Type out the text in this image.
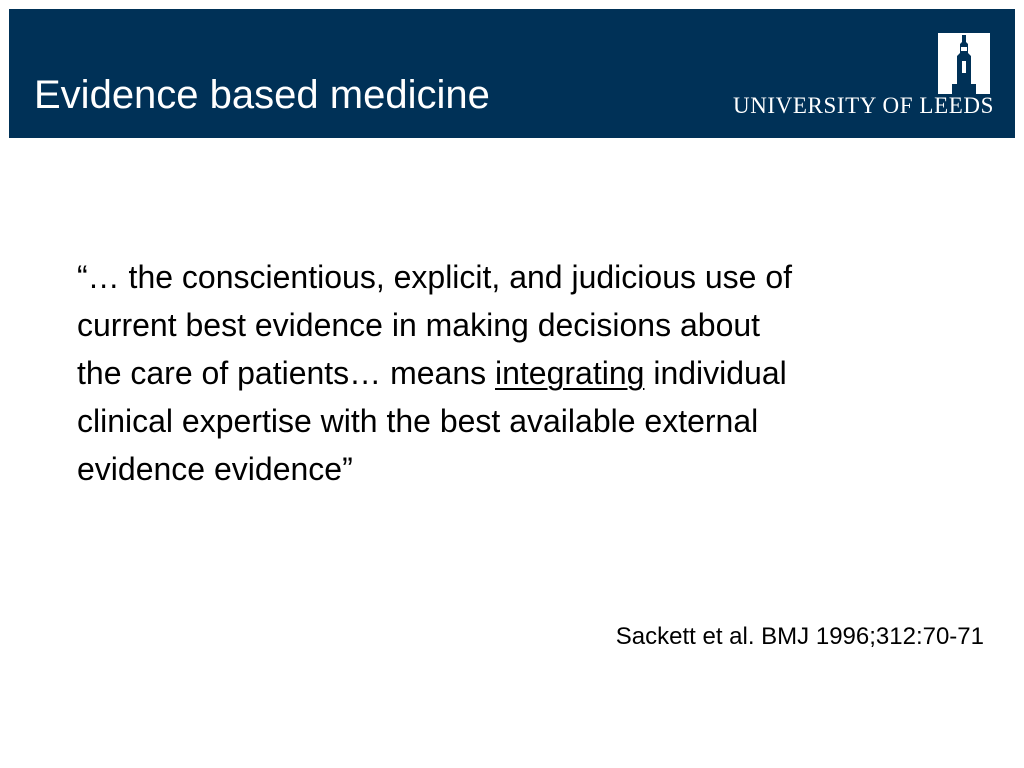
Evidence based medicine	UNIVERSITY OF LEEDS

“… the conscientious, explicit, and judicious use of
current best evidence in making decisions about
the care of patients… means integrating individual
clinical expertise with the best available external
evidence evidence”

Sackett et al. BMJ 1996;312:70-71
